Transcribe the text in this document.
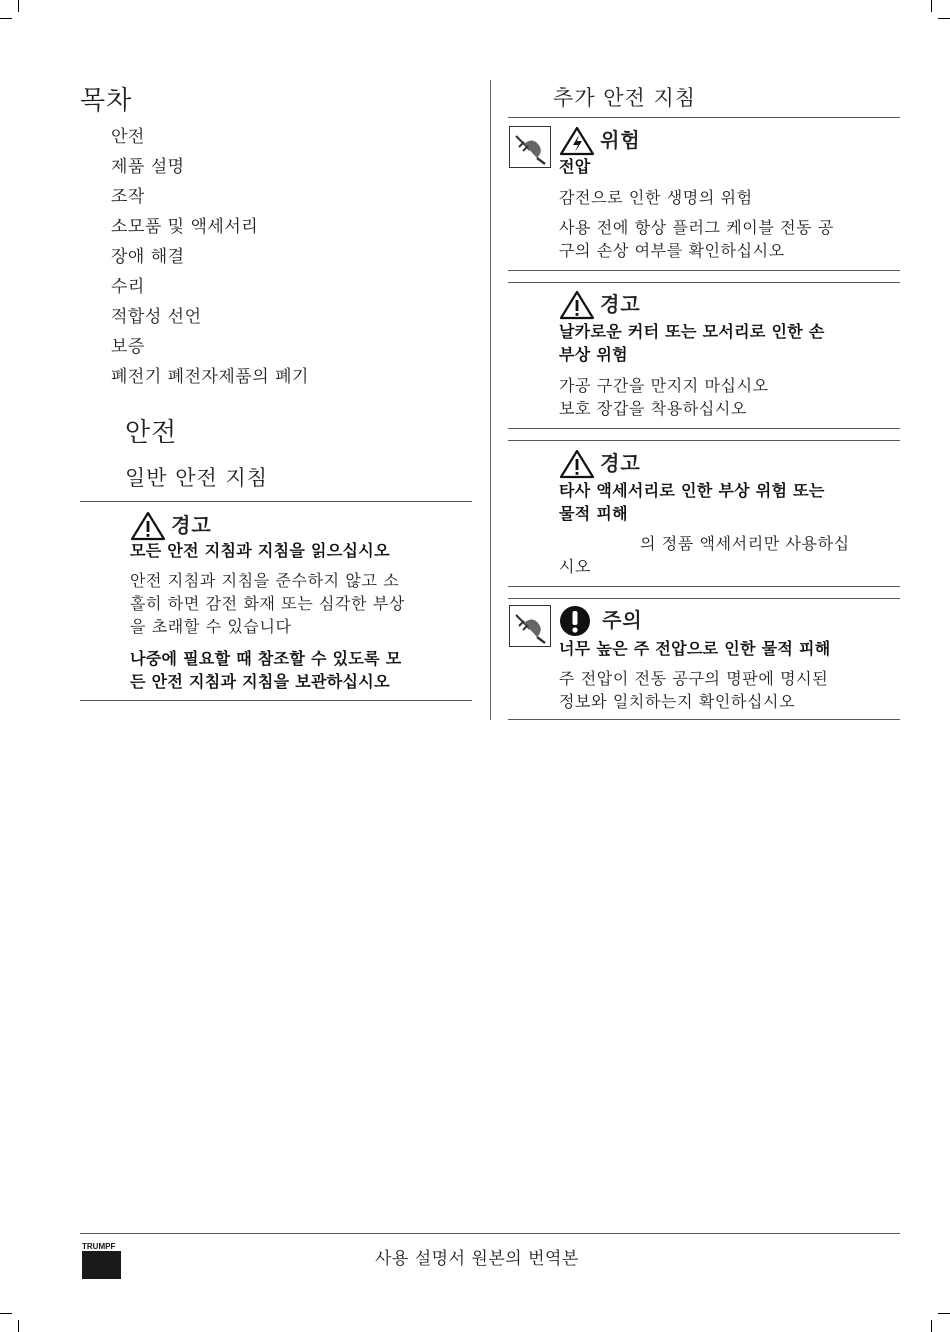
목차
안전
제품 설명
조작
소모품 및 액세서리
장애 해결
수리
적합성 선언
보증
폐전기 폐전자제품의 폐기
안전
일반 안전 지침
경고
모든 안전 지침과 지침을 읽으십시오
안전 지침과 지침을 준수하지 않고 소
홀히 하면 감전 화재 또는 심각한 부상
을 초래할 수 있습니다
나중에 필요할 때 참조할 수 있도록 모
든 안전 지침과 지침을 보관하십시오
추가 안전 지침
위험
전압
감전으로 인한 생명의 위험
사용 전에 항상 플러그 케이블 전동 공
구의 손상 여부를 확인하십시오
경고
날카로운 커터 또는 모서리로 인한 손
부상 위험
가공 구간을 만지지 마십시오
보호 장갑을 착용하십시오
경고
타사 액세서리로 인한 부상 위험 또는
물적 피해
의 정품 액세서리만 사용하십
시오
주의
너무 높은 주 전압으로 인한 물적 피해
주 전압이 전동 공구의 명판에 명시된
정보와 일치하는지 확인하십시오
TRUMPF
사용 설명서 원본의 번역본
